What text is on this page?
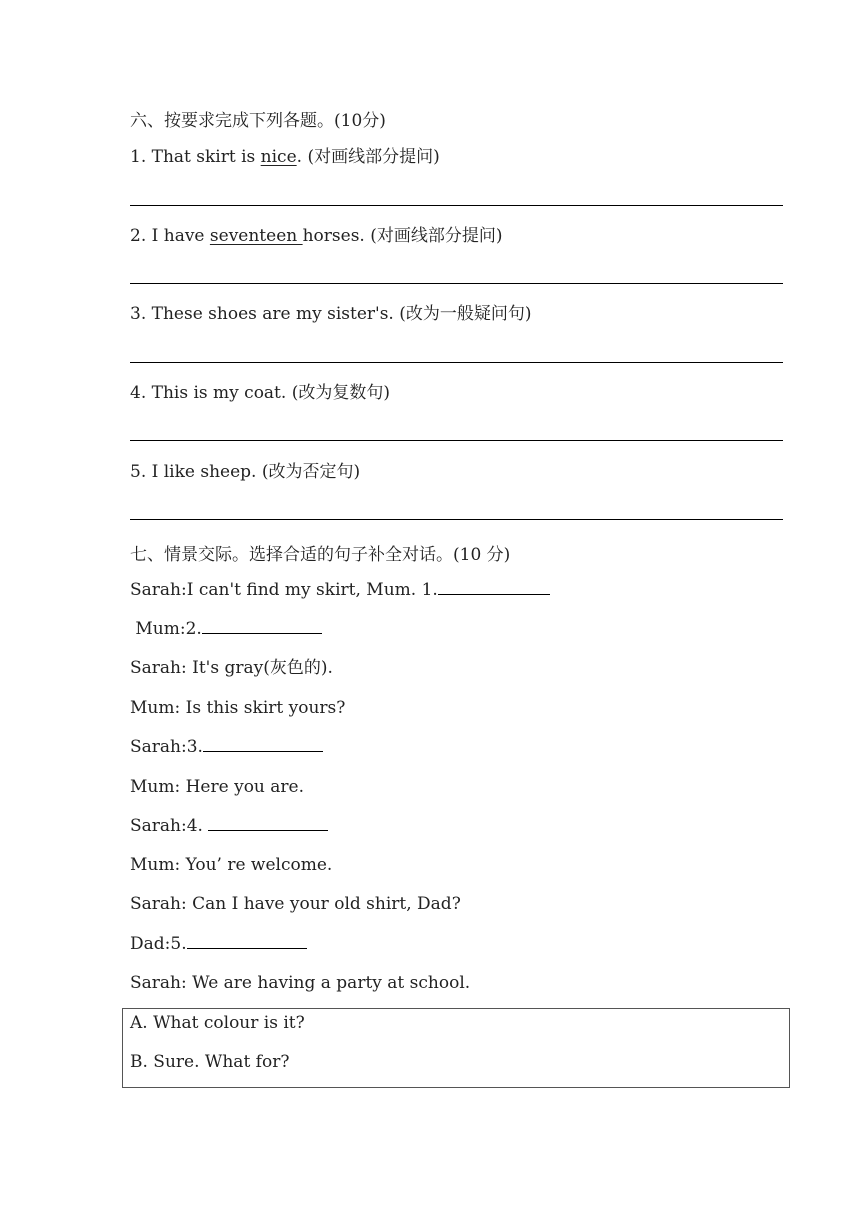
六、按要求完成下列各题。(10分)
1. That skirt is nice. (对画线部分提问)
2. I have seventeen horses. (对画线部分提问)
3. These shoes are my sister's. (改为一般疑问句)
4. This is my coat. (改为复数句)
5. I like sheep. (改为否定句)
七、情景交际。选择合适的句子补全对话。(10 分)
Sarah:I can't find my skirt, Mum. 1.
Mum:2.
Sarah: It's gray(灰色的).
Mum: Is this skirt yours?
Sarah:3.
Mum: Here you are.
Sarah:4.
Mum: You’ re welcome.
Sarah: Can I have your old shirt, Dad?
Dad:5.
Sarah: We are having a party at school.
A. What colour is it?
B. Sure. What for?
